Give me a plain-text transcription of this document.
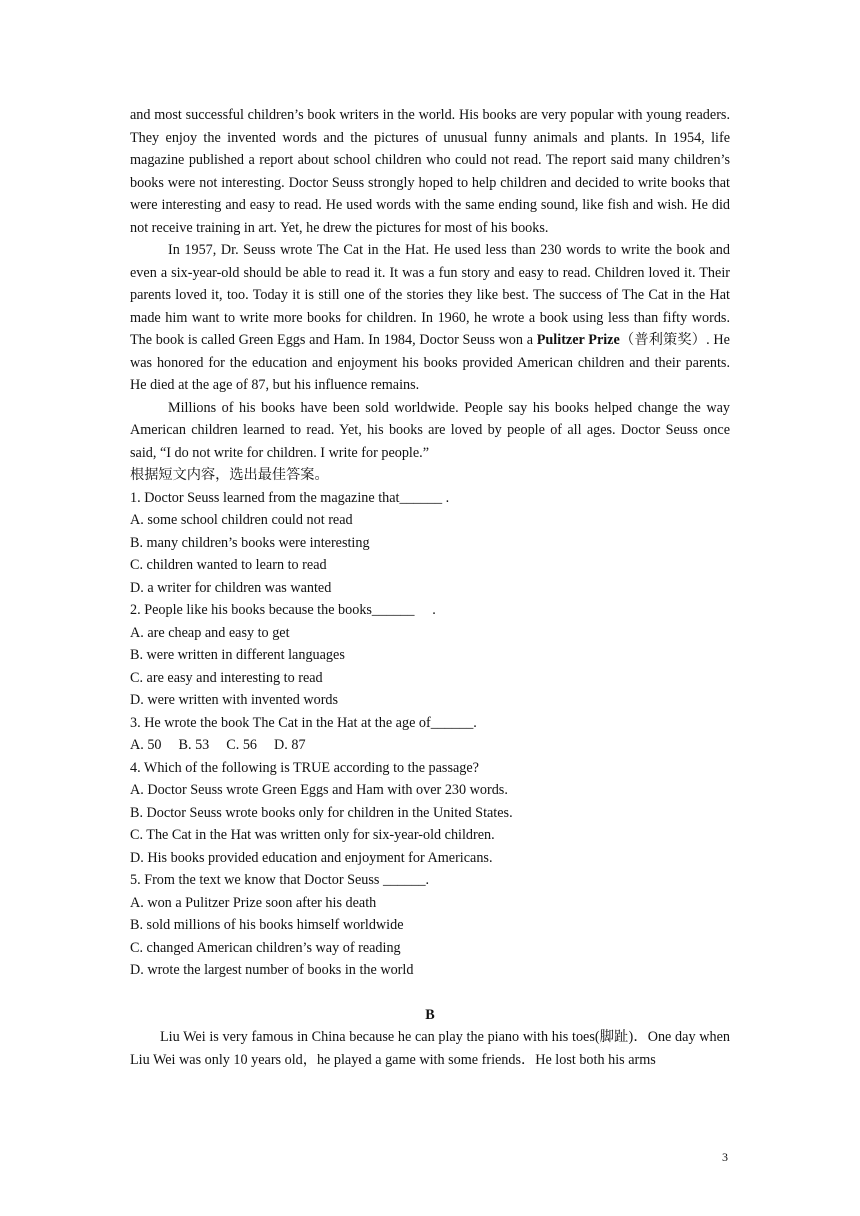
and most successful children’s book writers in the world. His books are very popular with young readers. They enjoy the invented words and the pictures of unusual funny animals and plants. In 1954, life magazine published a report about school children who could not read. The report said many children’s books were not interesting. Doctor Seuss strongly hoped to help children and decided to write books that were interesting and easy to read. He used words with the same ending sound, like fish and wish. He did not receive training in art. Yet, he drew the pictures for most of his books.

In 1957, Dr. Seuss wrote The Cat in the Hat. He used less than 230 words to write the book and even a six-year-old should be able to read it. It was a fun story and easy to read. Children loved it. Their parents loved it, too. Today it is still one of the stories they like best. The success of The Cat in the Hat made him want to write more books for children. In 1960, he wrote a book using less than fifty words. The book is called Green Eggs and Ham. In 1984, Doctor Seuss won a Pulitzer Prize（普利策奖）. He was honored for the education and enjoyment his books provided American children and their parents. He died at the age of 87, but his influence remains.

Millions of his books have been sold worldwide. People say his books helped change the way American children learned to read. Yet, his books are loved by people of all ages. Doctor Seuss once said, “I do not write for children. I write for people.”

根据短文内容，选出最佳答案。

1. Doctor Seuss learned from the magazine that______ .

A. some school children could not read

B. many children’s books were interesting

C. children wanted to learn to read

D. a writer for children was wanted

2. People like his books because the books______　 .

A. are cheap and easy to get

B. were written in different languages

C. are easy and interesting to read

D. were written with invented words

3. He wrote the book The Cat in the Hat at the age of______.

A. 50 B. 53 C. 56 D. 87

4. Which of the following is TRUE according to the passage?

A. Doctor Seuss wrote Green Eggs and Ham with over 230 words.

B. Doctor Seuss wrote books only for children in the United States.

C. The Cat in the Hat was written only for six-year-old children.

D. His books provided education and enjoyment for Americans.

5. From the text we know that Doctor Seuss ______.

A. won a Pulitzer Prize soon after his death

B. sold millions of his books himself worldwide

C. changed American children’s way of reading

D. wrote the largest number of books in the world

B

Liu Wei is very famous in China because he can play the piano with his toes(脚趾)．One day when Liu Wei was only 10 years old，he played a game with some friends．He lost both his arms

3
